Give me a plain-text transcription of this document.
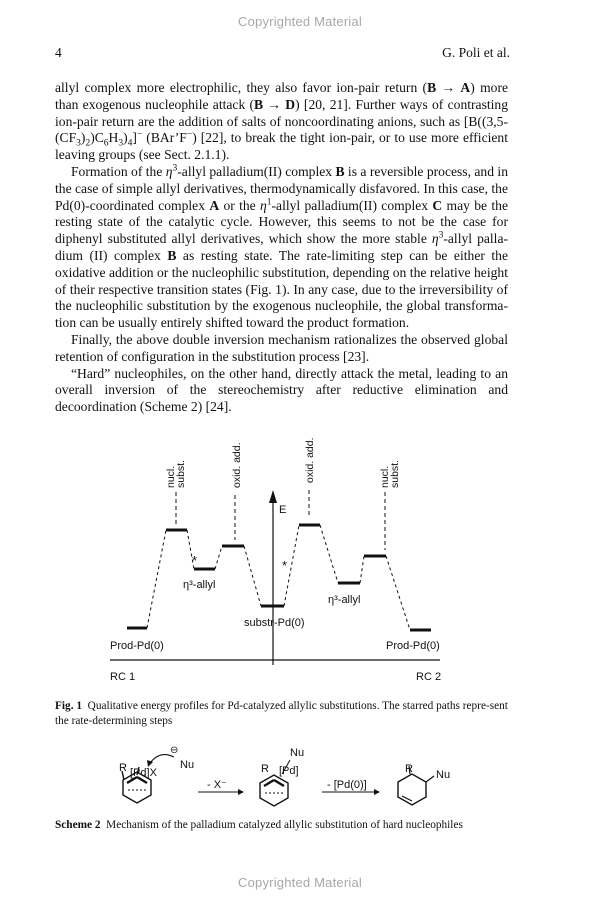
Copyrighted Material
4	G. Poli et al.

allyl complex more electrophilic, they also favor ion-pair return (B → A) more than exogenous nucleophile attack (B → D) [20, 21]. Further ways of contrasting ion-pair return are the addition of salts of noncoordinating anions, such as $[B((3,5-(CF_3)_2)C_6H_3)_4]^-$ (BAr’F−) [22], to break the tight ion-pair, or to use more efficient leaving groups (see Sect. 2.1.1).

Formation of the $\eta^3$-allyl palladium(II) complex B is a reversible process, and in the case of simple allyl derivatives, thermodynamically disfavored. In this case, the Pd(0)-coordinated complex A or the $\eta^1$-allyl palladium(II) complex C may be the resting state of the catalytic cycle. However, this seems to not be the case for diphenyl substituted allyl derivatives, which show the more stable $\eta^3$-allyl palla-dium (II) complex B as resting state. The rate-limiting step can be either the oxidative addition or the nucleophilic substitution, depending on the relative height of their respective transition states (Fig. 1). In any case, due to the irreversibility of the nucleophilic substitution by the exogenous nucleophile, the global transforma-tion can be usually entirely shifted toward the product formation.

Finally, the above double inversion mechanism rationalizes the observed global retention of configuration in the substitution process [23].

“Hard” nucleophiles, on the other hand, directly attack the metal, leading to an overall inversion of the stereochemistry after reductive elimination and decoordination (Scheme 2) [24].

nucl.
subst.	oxid. add.	oxid. add.	nucl.
subst.
E
*	*
η³-allyl
η³-allyl
substr-Pd(0)
Prod-Pd(0)	Prod-Pd(0)
RC 1	RC 2
Fig. 1 Qualitative energy profiles for Pd-catalyzed allylic substitutions. The starred paths repre-sent the rate-determining steps
R [Pd]X
⊖
Nu
- X⁻
R
Nu
[Pd]
- [Pd(0)]
R Nu
Scheme 2 Mechanism of the palladium catalyzed allylic substitution of hard nucleophiles
Copyrighted Material
